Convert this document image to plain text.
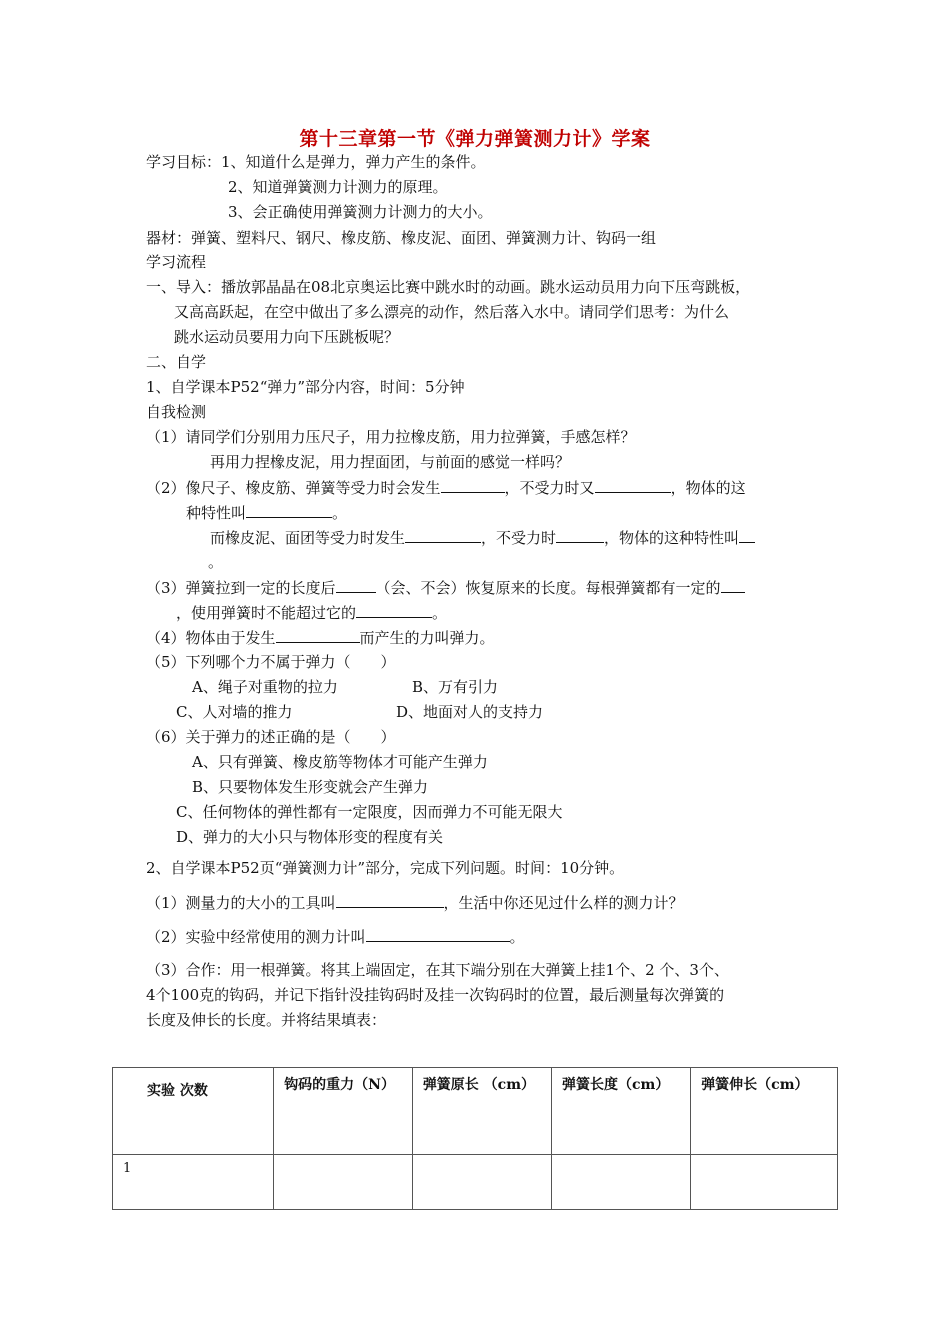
第十三章第一节《弹力弹簧测力计》学案
学习目标：1、知道什么是弹力，弹力产生的条件。
2、知道弹簧测力计测力的原理。
3、会正确使用弹簧测力计测力的大小。
器材：弹簧、塑料尺、钢尺、橡皮筋、橡皮泥、面团、弹簧测力计、钩码一组
学习流程
一、导入：播放郭晶晶在08北京奥运比赛中跳水时的动画。跳水运动员用力向下压弯跳板，
又高高跃起，在空中做出了多么漂亮的动作，然后落入水中。请同学们思考：为什么
跳水运动员要用力向下压跳板呢？
二、自学
1、自学课本P52“弹力”部分内容，时间：5分钟
自我检测
（1）请同学们分别用力压尺子，用力拉橡皮筋，用力拉弹簧，手感怎样？
再用力捏橡皮泥，用力捏面团，与前面的感觉一样吗？
（2）像尺子、橡皮筋、弹簧等受力时会发生	，不受力时又	，物体的这
种特性叫	。
而橡皮泥、面团等受力时发生	，不受力时	，物体的这种特性叫
。
（3）弹簧拉到一定的长度后	（会、不会）恢复原来的长度。每根弹簧都有一定的
，使用弹簧时不能超过它的	。
（4）物体由于发生	而产生的力叫弹力。
（5）下列哪个力不属于弹力（　　）
A、绳子对重物的拉力	B、万有引力
C、人对墙的推力	D、地面对人的支持力
（6）关于弹力的述正确的是（　　）
A、只有弹簧、橡皮筋等物体才可能产生弹力
B、只要物体发生形变就会产生弹力
C、任何物体的弹性都有一定限度，因而弹力不可能无限大
D、弹力的大小只与物体形变的程度有关
2、自学课本P52页“弹簧测力计”部分，完成下列问题。时间：10分钟。
（1）测量力的大小的工具叫	，生活中你还见过什么样的测力计？
（2）实验中经常使用的测力计叫	。
（3）合作：用一根弹簧。将其上端固定，在其下端分别在大弹簧上挂1个、2 个、3个、
4个100克的钩码，并记下指针没挂钩码时及挂一次钩码时的位置，最后测量每次弹簧的
长度及伸长的长度。并将结果填表：
实验 次数	钩码的重力（N）	弹簧原长 （cm）	弹簧长度（cm）	弹簧伸长（cm）
1				
